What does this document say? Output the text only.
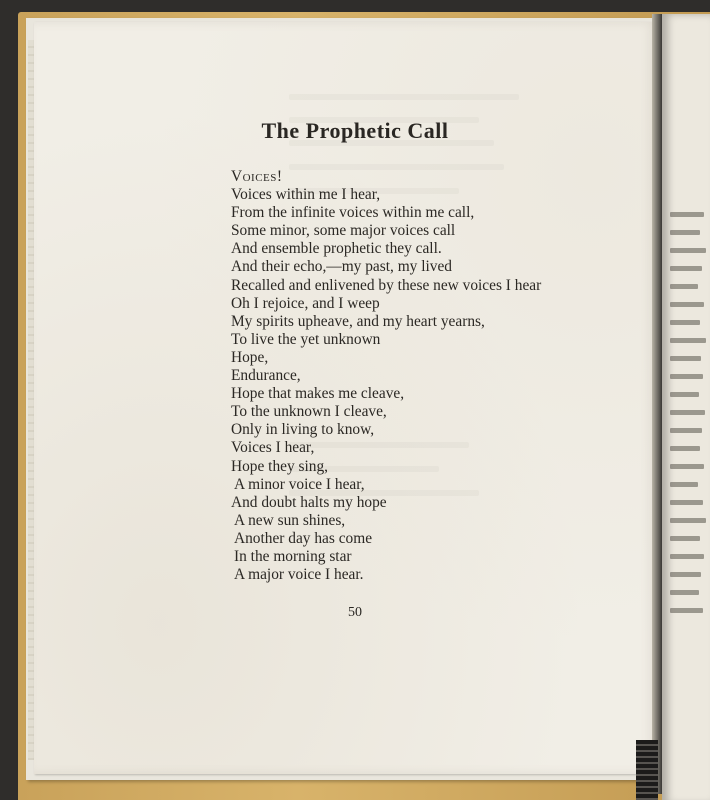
The Prophetic Call
Voices!
Voices within me I hear,
From the infinite voices within me call,
Some minor, some major voices call
And ensemble prophetic they call.
And their echo,—my past, my lived
Recalled and enlivened by these new voices I hear
Oh I rejoice, and I weep
My spirits upheave, and my heart yearns,
To live the yet unknown
Hope,
Endurance,
Hope that makes me cleave,
To the unknown I cleave,
Only in living to know,
Voices I hear,
Hope they sing,
A minor voice I hear,
And doubt halts my hope
A new sun shines,
Another day has come
In the morning star
A major voice I hear.
50
